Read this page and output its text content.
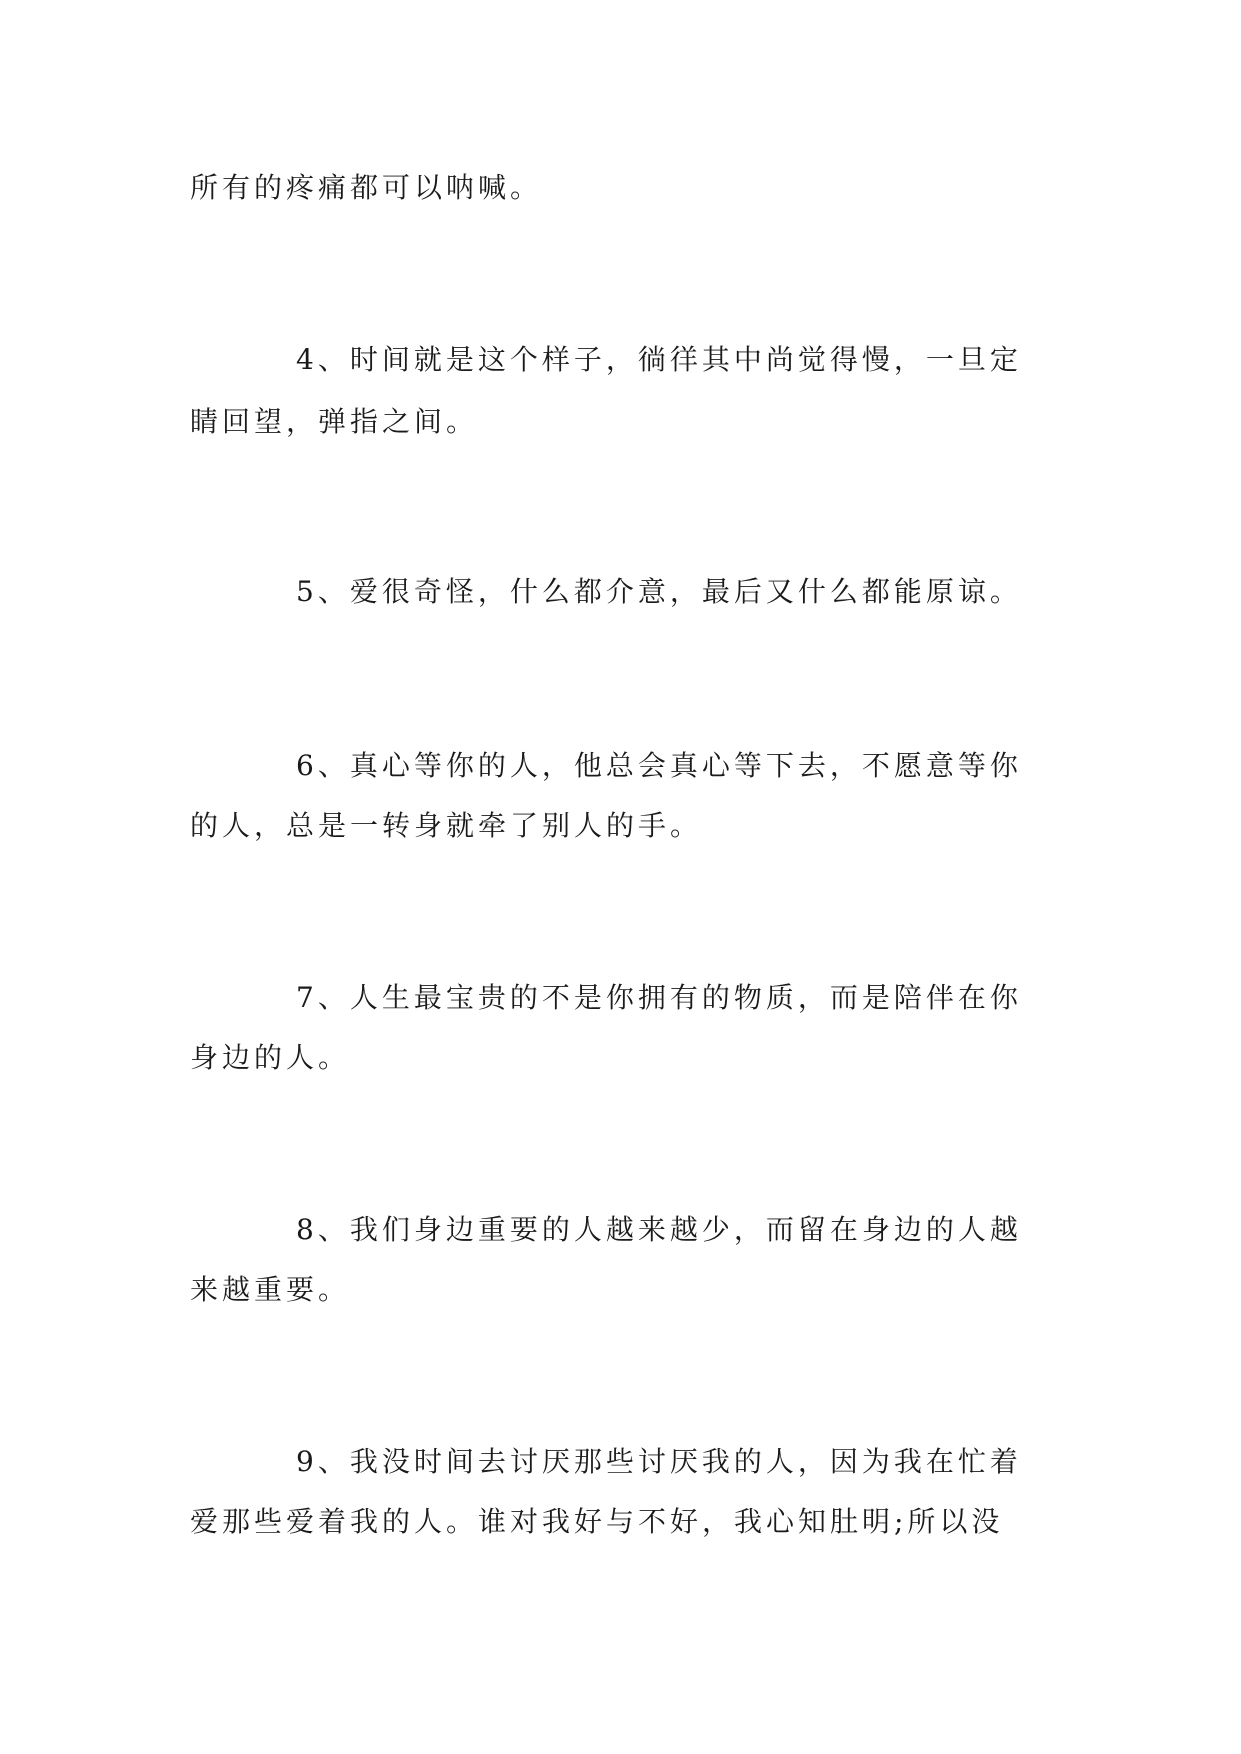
所有的疼痛都可以呐喊。
4、时间就是这个样子，徜徉其中尚觉得慢，一旦定
睛回望，弹指之间。
5、爱很奇怪，什么都介意，最后又什么都能原谅。
6、真心等你的人，他总会真心等下去，不愿意等你
的人，总是一转身就牵了别人的手。
7、人生最宝贵的不是你拥有的物质，而是陪伴在你
身边的人。
8、我们身边重要的人越来越少，而留在身边的人越
来越重要。
9、我没时间去讨厌那些讨厌我的人，因为我在忙着
爱那些爱着我的人。谁对我好与不好，我心知肚明;所以没
